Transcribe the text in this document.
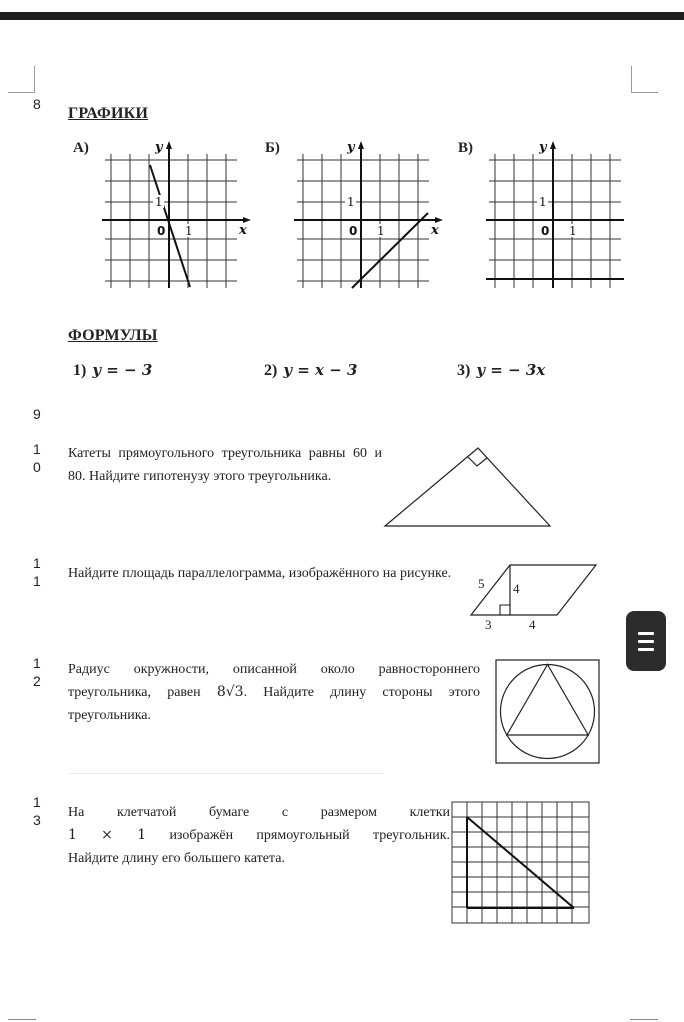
8
9
1
0
1
1
1
2
1
3
ГРАФИКИ
А)	y
x
0 1
1
Б)	y
x
0 1
1
В)	y
0 1
1
ФОРМУЛЫ
1) y = − 3	2) y = x − 3	3) y = − 3x
Катеты прямоугольного треугольника равны 60 и 80. Найдите гипотенузу этого треугольника.
Найдите площадь параллелограмма, изображённого на рисунке.
5 4
3	4
Радиус окружности, описанной около равностороннего треугольника, равен 8√3. Найдите длину стороны этого треугольника.
На клетчатой бумаге с размером клетки
1 × 1 изображён прямоугольный треугольник.
Найдите длину его большего катета.
